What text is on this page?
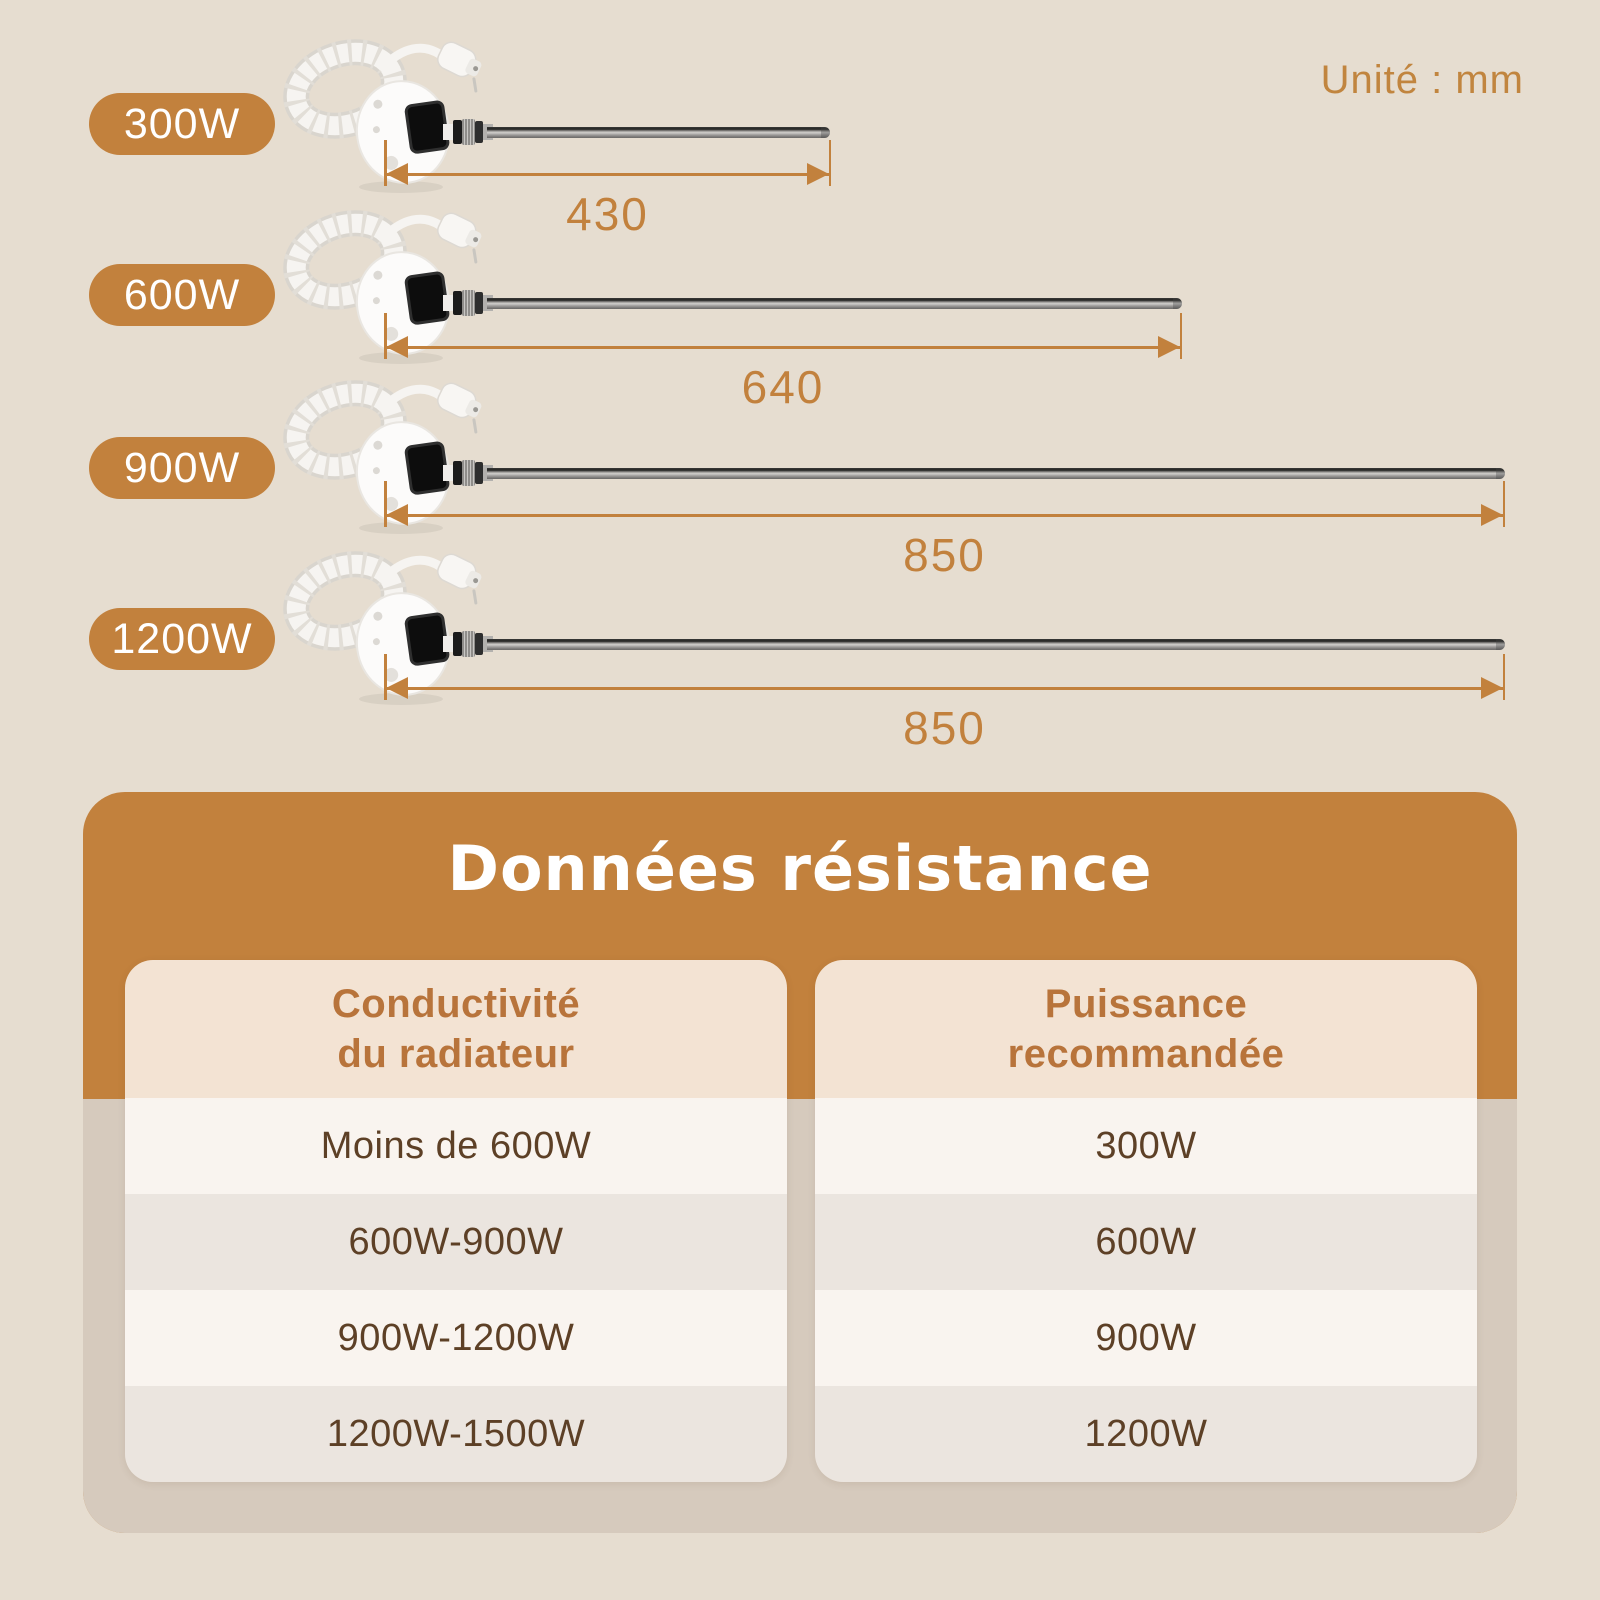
Unité : mm
300W
430
600W
640
900W
850
1200W
850
Données résistance
Conductivité
du radiateur
Moins de 600W
600W-900W
900W-1200W
1200W-1500W
Puissance
recommandée
300W
600W
900W
1200W
